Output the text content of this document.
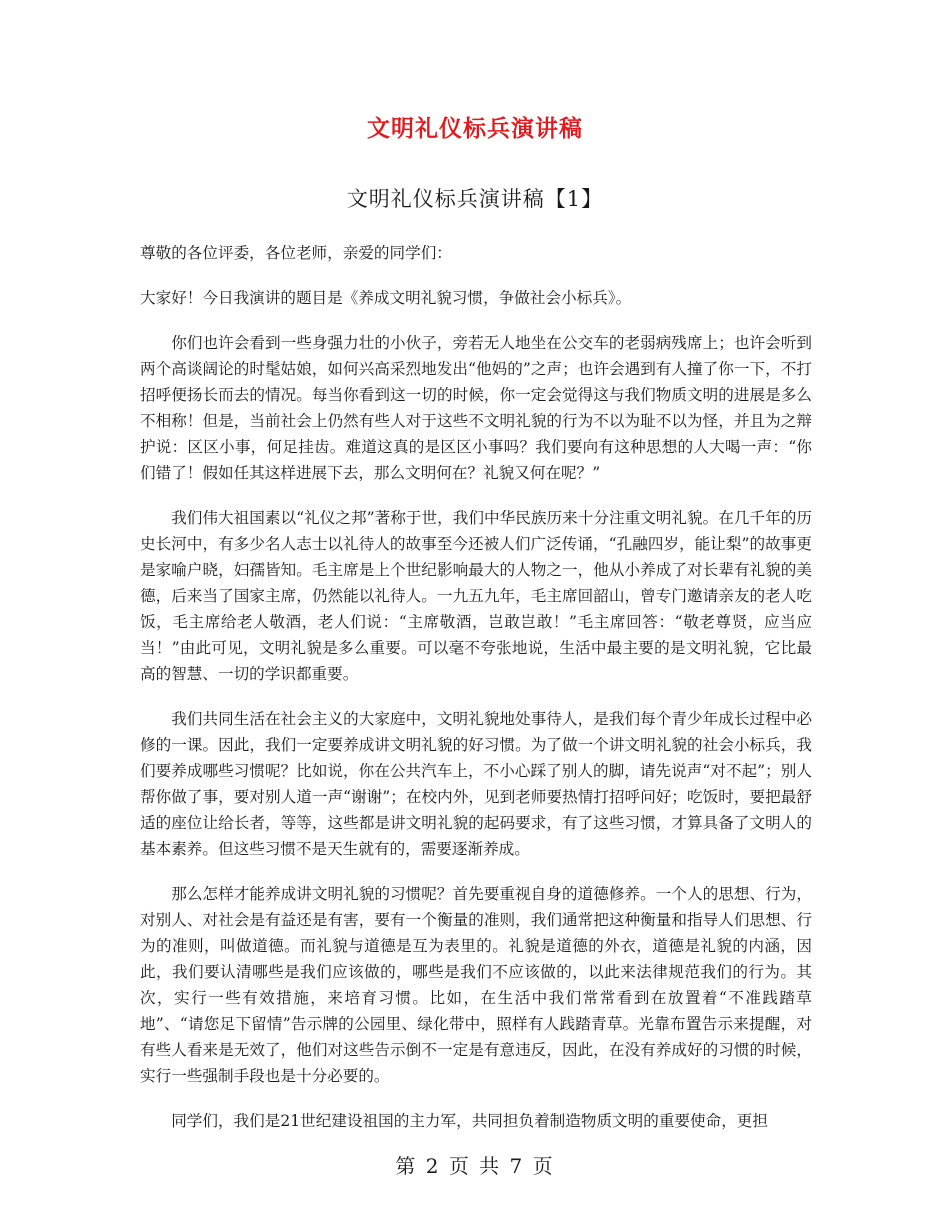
文明礼仪标兵演讲稿
文明礼仪标兵演讲稿【1】

尊敬的各位评委，各位老师，亲爱的同学们：

大家好！今日我演讲的题目是《养成文明礼貌习惯，争做社会小标兵》。

你们也许会看到一些身强力壮的小伙子，旁若无人地坐在公交车的老弱病残席上；也许会听到两个高谈阔论的时髦姑娘，如何兴高采烈地发出“他妈的”之声；也许会遇到有人撞了你一下，不打招呼便扬长而去的情况。每当你看到这一切的时候，你一定会觉得这与我们物质文明的进展是多么不相称！但是，当前社会上仍然有些人对于这些不文明礼貌的行为不以为耻不以为怪，并且为之辩护说：区区小事，何足挂齿。难道这真的是区区小事吗？我们要向有这种思想的人大喝一声：“你们错了！假如任其这样进展下去，那么文明何在？礼貌又何在呢？”

我们伟大祖国素以“礼仪之邦”著称于世，我们中华民族历来十分注重文明礼貌。在几千年的历史长河中，有多少名人志士以礼待人的故事至今还被人们广泛传诵，“孔融四岁，能让梨”的故事更是家喻户晓，妇孺皆知。毛主席是上个世纪影响最大的人物之一，他从小养成了对长辈有礼貌的美德，后来当了国家主席，仍然能以礼待人。一九五九年，毛主席回韶山，曾专门邀请亲友的老人吃饭，毛主席给老人敬酒，老人们说：“主席敬酒，岂敢岂敢！”毛主席回答：“敬老尊贤，应当应当！”由此可见，文明礼貌是多么重要。可以毫不夸张地说，生活中最主要的是文明礼貌，它比最高的智慧、一切的学识都重要。

我们共同生活在社会主义的大家庭中，文明礼貌地处事待人，是我们每个青少年成长过程中必修的一课。因此，我们一定要养成讲文明礼貌的好习惯。为了做一个讲文明礼貌的社会小标兵，我们要养成哪些习惯呢？比如说，你在公共汽车上，不小心踩了别人的脚，请先说声“对不起”；别人帮你做了事，要对别人道一声“谢谢”；在校内外，见到老师要热情打招呼问好；吃饭时，要把最舒适的座位让给长者，等等，这些都是讲文明礼貌的起码要求，有了这些习惯，才算具备了文明人的基本素养。但这些习惯不是天生就有的，需要逐渐养成。

那么怎样才能养成讲文明礼貌的习惯呢？首先要重视自身的道德修养。一个人的思想、行为，对别人、对社会是有益还是有害，要有一个衡量的准则，我们通常把这种衡量和指导人们思想、行为的准则，叫做道德。而礼貌与道德是互为表里的。礼貌是道德的外衣，道德是礼貌的内涵，因此，我们要认清哪些是我们应该做的，哪些是我们不应该做的，以此来法律规范我们的行为。其次，实行一些有效措施，来培育习惯。比如，在生活中我们常常看到在放置着“不准践踏草地”、“请您足下留情”告示牌的公园里、绿化带中，照样有人践踏青草。光靠布置告示来提醒，对有些人看来是无效了，他们对这些告示倒不一定是有意违反，因此，在没有养成好的习惯的时候，实行一些强制手段也是十分必要的。

同学们，我们是21世纪建设祖国的主力军，共同担负着制造物质文明的重要使命，更担

第 2 页 共 7 页
